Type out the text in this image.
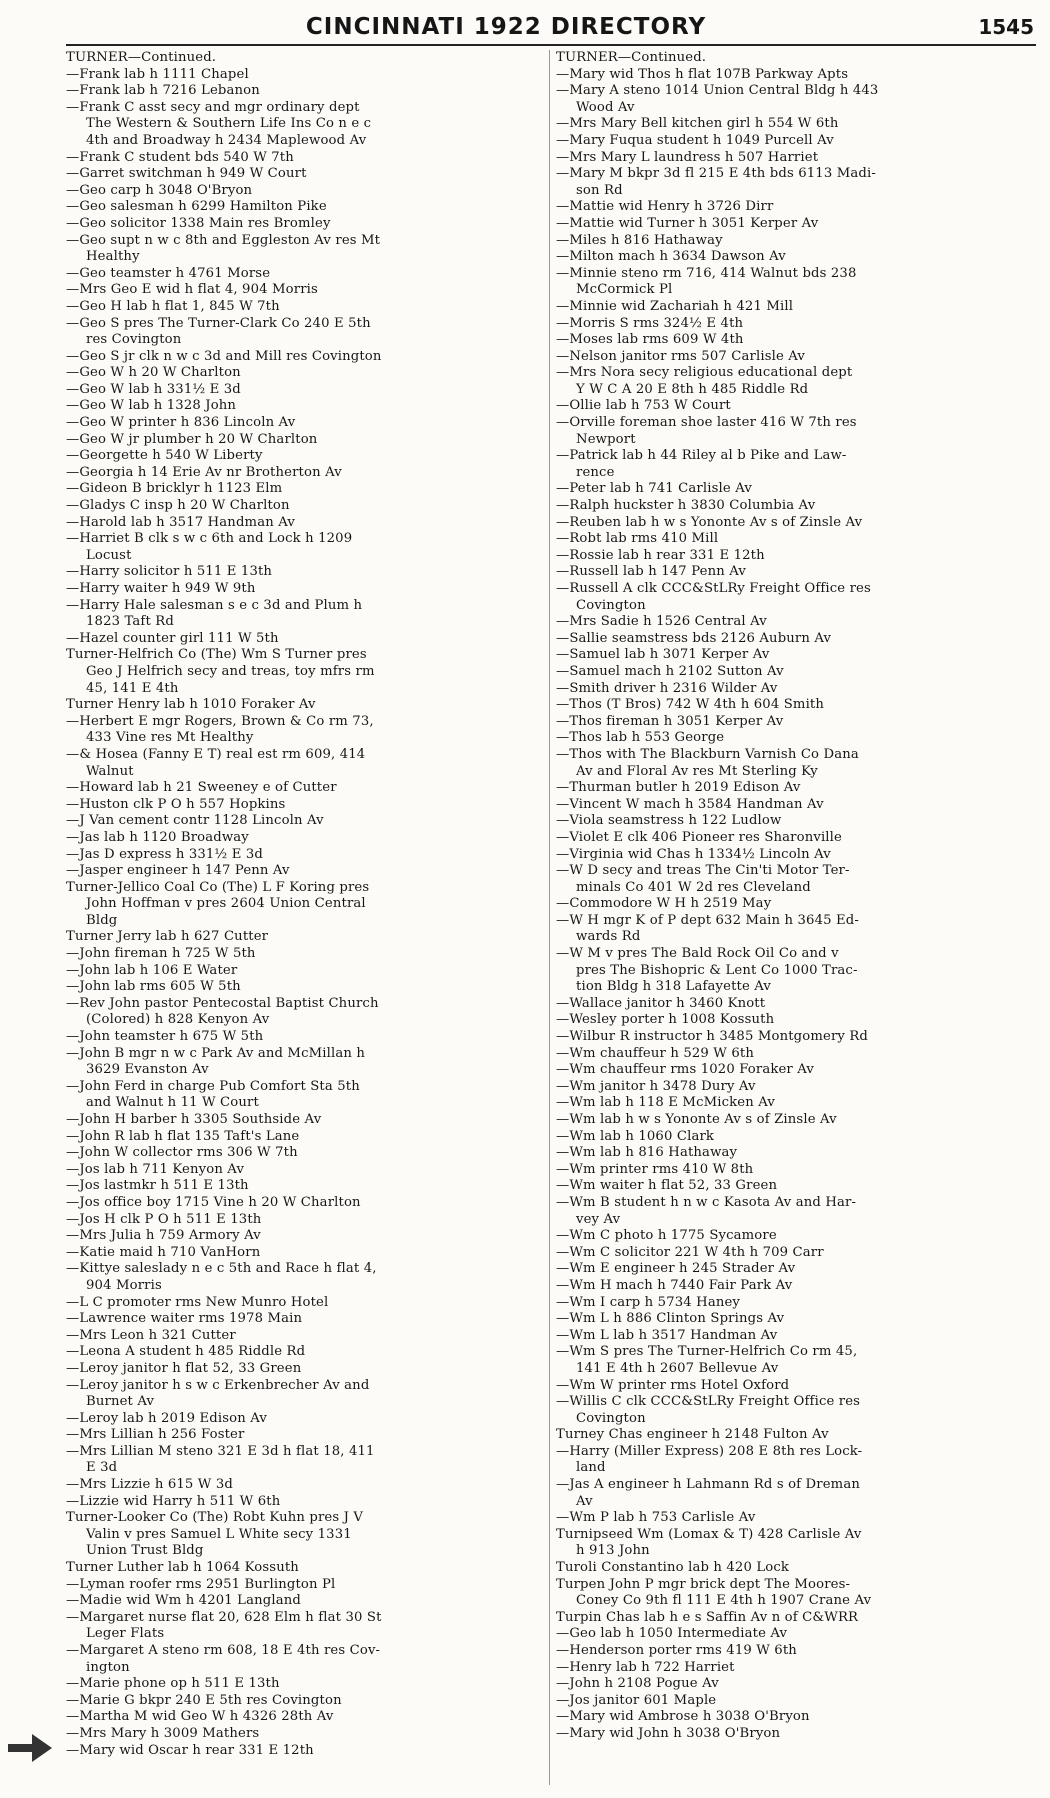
CINCINNATI 1922 DIRECTORY	1545
TURNER—Continued.
—Frank lab h 1111 Chapel
—Frank lab h 7216 Lebanon
—Frank C asst secy and mgr ordinary dept
The Western & Southern Life Ins Co n e c
4th and Broadway h 2434 Maplewood Av
—Frank C student bds 540 W 7th
—Garret switchman h 949 W Court
—Geo carp h 3048 O'Bryon
—Geo salesman h 6299 Hamilton Pike
—Geo solicitor 1338 Main res Bromley
—Geo supt n w c 8th and Eggleston Av res Mt
Healthy
—Geo teamster h 4761 Morse
—Mrs Geo E wid h flat 4, 904 Morris
—Geo H lab h flat 1, 845 W 7th
—Geo S pres The Turner-Clark Co 240 E 5th
res Covington
—Geo S jr clk n w c 3d and Mill res Covington
—Geo W h 20 W Charlton
—Geo W lab h 331½ E 3d
—Geo W lab h 1328 John
—Geo W printer h 836 Lincoln Av
—Geo W jr plumber h 20 W Charlton
—Georgette h 540 W Liberty
—Georgia h 14 Erie Av nr Brotherton Av
—Gideon B bricklyr h 1123 Elm
—Gladys C insp h 20 W Charlton
—Harold lab h 3517 Handman Av
—Harriet B clk s w c 6th and Lock h 1209
Locust
—Harry solicitor h 511 E 13th
—Harry waiter h 949 W 9th
—Harry Hale salesman s e c 3d and Plum h
1823 Taft Rd
—Hazel counter girl 111 W 5th
Turner-Helfrich Co (The) Wm S Turner pres
Geo J Helfrich secy and treas, toy mfrs rm
45, 141 E 4th
Turner Henry lab h 1010 Foraker Av
—Herbert E mgr Rogers, Brown & Co rm 73,
433 Vine res Mt Healthy
—& Hosea (Fanny E T) real est rm 609, 414
Walnut
—Howard lab h 21 Sweeney e of Cutter
—Huston clk P O h 557 Hopkins
—J Van cement contr 1128 Lincoln Av
—Jas lab h 1120 Broadway
—Jas D express h 331½ E 3d
—Jasper engineer h 147 Penn Av
Turner-Jellico Coal Co (The) L F Koring pres
John Hoffman v pres 2604 Union Central
Bldg
Turner Jerry lab h 627 Cutter
—John fireman h 725 W 5th
—John lab h 106 E Water
—John lab rms 605 W 5th
—Rev John pastor Pentecostal Baptist Church
(Colored) h 828 Kenyon Av
—John teamster h 675 W 5th
—John B mgr n w c Park Av and McMillan h
3629 Evanston Av
—John Ferd in charge Pub Comfort Sta 5th
and Walnut h 11 W Court
—John H barber h 3305 Southside Av
—John R lab h flat 135 Taft's Lane
—John W collector rms 306 W 7th
—Jos lab h 711 Kenyon Av
—Jos lastmkr h 511 E 13th
—Jos office boy 1715 Vine h 20 W Charlton
—Jos H clk P O h 511 E 13th
—Mrs Julia h 759 Armory Av
—Katie maid h 710 VanHorn
—Kittye saleslady n e c 5th and Race h flat 4,
904 Morris
—L C promoter rms New Munro Hotel
—Lawrence waiter rms 1978 Main
—Mrs Leon h 321 Cutter
—Leona A student h 485 Riddle Rd
—Leroy janitor h flat 52, 33 Green
—Leroy janitor h s w c Erkenbrecher Av and
Burnet Av
—Leroy lab h 2019 Edison Av
—Mrs Lillian h 256 Foster
—Mrs Lillian M steno 321 E 3d h flat 18, 411
E 3d
—Mrs Lizzie h 615 W 3d
—Lizzie wid Harry h 511 W 6th
Turner-Looker Co (The) Robt Kuhn pres J V
Valin v pres Samuel L White secy 1331
Union Trust Bldg
Turner Luther lab h 1064 Kossuth
—Lyman roofer rms 2951 Burlington Pl
—Madie wid Wm h 4201 Langland
—Margaret nurse flat 20, 628 Elm h flat 30 St
Leger Flats
—Margaret A steno rm 608, 18 E 4th res Cov-
ington
—Marie phone op h 511 E 13th
—Marie G bkpr 240 E 5th res Covington
—Martha M wid Geo W h 4326 28th Av
—Mrs Mary h 3009 Mathers
—Mary wid Oscar h rear 331 E 12th
TURNER—Continued.
—Mary wid Thos h flat 107B Parkway Apts
—Mary A steno 1014 Union Central Bldg h 443
Wood Av
—Mrs Mary Bell kitchen girl h 554 W 6th
—Mary Fuqua student h 1049 Purcell Av
—Mrs Mary L laundress h 507 Harriet
—Mary M bkpr 3d fl 215 E 4th bds 6113 Madi-
son Rd
—Mattie wid Henry h 3726 Dirr
—Mattie wid Turner h 3051 Kerper Av
—Miles h 816 Hathaway
—Milton mach h 3634 Dawson Av
—Minnie steno rm 716, 414 Walnut bds 238
McCormick Pl
—Minnie wid Zachariah h 421 Mill
—Morris S rms 324½ E 4th
—Moses lab rms 609 W 4th
—Nelson janitor rms 507 Carlisle Av
—Mrs Nora secy religious educational dept
Y W C A 20 E 8th h 485 Riddle Rd
—Ollie lab h 753 W Court
—Orville foreman shoe laster 416 W 7th res
Newport
—Patrick lab h 44 Riley al b Pike and Law-
rence
—Peter lab h 741 Carlisle Av
—Ralph huckster h 3830 Columbia Av
—Reuben lab h w s Yononte Av s of Zinsle Av
—Robt lab rms 410 Mill
—Rossie lab h rear 331 E 12th
—Russell lab h 147 Penn Av
—Russell A clk CCC&StLRy Freight Office res
Covington
—Mrs Sadie h 1526 Central Av
—Sallie seamstress bds 2126 Auburn Av
—Samuel lab h 3071 Kerper Av
—Samuel mach h 2102 Sutton Av
—Smith driver h 2316 Wilder Av
—Thos (T Bros) 742 W 4th h 604 Smith
—Thos fireman h 3051 Kerper Av
—Thos lab h 553 George
—Thos with The Blackburn Varnish Co Dana
Av and Floral Av res Mt Sterling Ky
—Thurman butler h 2019 Edison Av
—Vincent W mach h 3584 Handman Av
—Viola seamstress h 122 Ludlow
—Violet E clk 406 Pioneer res Sharonville
—Virginia wid Chas h 1334½ Lincoln Av
—W D secy and treas The Cin'ti Motor Ter-
minals Co 401 W 2d res Cleveland
—Commodore W H h 2519 May
—W H mgr K of P dept 632 Main h 3645 Ed-
wards Rd
—W M v pres The Bald Rock Oil Co and v
pres The Bishopric & Lent Co 1000 Trac-
tion Bldg h 318 Lafayette Av
—Wallace janitor h 3460 Knott
—Wesley porter h 1008 Kossuth
—Wilbur R instructor h 3485 Montgomery Rd
—Wm chauffeur h 529 W 6th
—Wm chauffeur rms 1020 Foraker Av
—Wm janitor h 3478 Dury Av
—Wm lab h 118 E McMicken Av
—Wm lab h w s Yononte Av s of Zinsle Av
—Wm lab h 1060 Clark
—Wm lab h 816 Hathaway
—Wm printer rms 410 W 8th
—Wm waiter h flat 52, 33 Green
—Wm B student h n w c Kasota Av and Har-
vey Av
—Wm C photo h 1775 Sycamore
—Wm C solicitor 221 W 4th h 709 Carr
—Wm E engineer h 245 Strader Av
—Wm H mach h 7440 Fair Park Av
—Wm I carp h 5734 Haney
—Wm L h 886 Clinton Springs Av
—Wm L lab h 3517 Handman Av
—Wm S pres The Turner-Helfrich Co rm 45,
141 E 4th h 2607 Bellevue Av
—Wm W printer rms Hotel Oxford
—Willis C clk CCC&StLRy Freight Office res
Covington
Turney Chas engineer h 2148 Fulton Av
—Harry (Miller Express) 208 E 8th res Lock-
land
—Jas A engineer h Lahmann Rd s of Dreman
Av
—Wm P lab h 753 Carlisle Av
Turnipseed Wm (Lomax & T) 428 Carlisle Av
h 913 John
Turoli Constantino lab h 420 Lock
Turpen John P mgr brick dept The Moores-
Coney Co 9th fl 111 E 4th h 1907 Crane Av
Turpin Chas lab h e s Saffin Av n of C&WRR
—Geo lab h 1050 Intermediate Av
—Henderson porter rms 419 W 6th
—Henry lab h 722 Harriet
—John h 2108 Pogue Av
—Jos janitor 601 Maple
—Mary wid Ambrose h 3038 O'Bryon
—Mary wid John h 3038 O'Bryon
